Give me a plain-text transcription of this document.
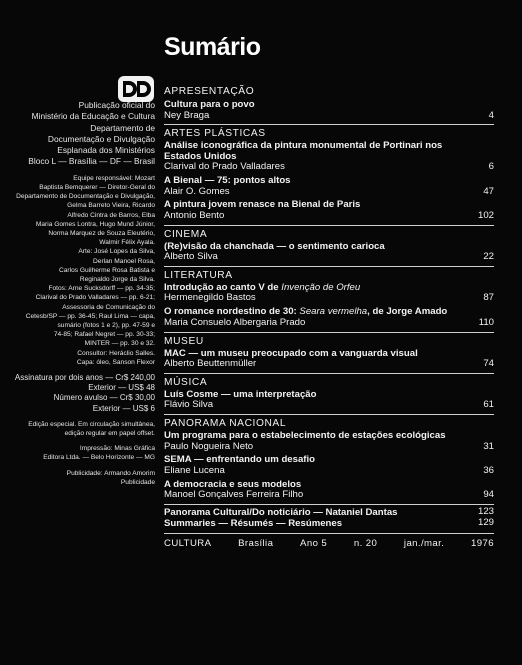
Sumário
Publicação oficial do
Ministério da Educação e Cultura
Departamento de
Documentação e Divulgação
Esplanada dos Ministérios
Bloco L — Brasília — DF — Brasil
Equipe responsável: Mozart
Baptista Bemquerer — Diretor-Geral do
Departamento de Documentação e Divulgação,
Gelma Barreto Vieira, Ricardo
Alfredo Cintra de Barros, Elba
Maria Gomes Lontra, Hugo Mund Júnior,
Norma Marquez de Souza Eleutério,
Walmir Félix Ayala.
Arte: José Lopes da Silva,
Derlan Manoel Rosa,
Carlos Guilherme Rosa Batista e
Reginaldo Jorge da Silva.
Fotos: Arne Sucksdorff — pp. 34-35;
Clarival do Prado Valladares — pp. 6-21;
Assessoria de Comunicação do
Cetesb/SP — pp. 36-45; Raul Lima — capa,
sumário (fotos 1 e 2), pp. 47-59 e
74-85; Rafael Negret — pp. 30-33;
MINTER — pp. 30 e 32.
Consultor: Heráclio Salles.
Capa: óleo, Sanson Flexor
Assinatura por dois anos — Cr$ 240,00
Exterior — US$ 48
Número avulso — Cr$ 30,00
Exterior — US$ 6
Edição especial. Em circulação simultânea,
edição regular em papel offset.
Impressão: Minas Gráfica
Editora Ltda. — Belo Horizonte — MG
Publicidade: Armando Amorim
Publicidade
APRESENTAÇÃO
Cultura para o povo
Ney Braga	4
ARTES PLÁSTICAS
Análise iconográfica da pintura monumental de Portinari nos Estados Unidos
Clarival do Prado Valladares	6
A Bienal — 75: pontos altos
Alair O. Gomes	47
A pintura jovem renasce na Bienal de Paris
Antonio Bento	102
CINEMA
(Re)visão da chanchada — o sentimento carioca
Alberto Silva	22
LITERATURA
Introdução ao canto V de Invenção de Orfeu
Hermenegildo Bastos	87
O romance nordestino de 30: Seara vermelha, de Jorge Amado
Maria Consuelo Albergaria Prado	110
MUSEU
MAC — um museu preocupado com a vanguarda visual
Alberto Beuttenmüller	74
MÚSICA
Luís Cosme — uma interpretação
Flávio Silva	61
PANORAMA NACIONAL
Um programa para o estabelecimento de estações ecológicas
Paulo Nogueira Neto	31
SEMA — enfrentando um desafio
Eliane Lucena	36
A democracia e seus modelos
Manoel Gonçalves Ferreira Filho	94
Panorama Cultural/Do noticiário — Nataniel Dantas	123
Summaries — Résumés — Resúmenes	129
CULTURA	Brasília	Ano 5	n. 20	jan./mar.	1976
